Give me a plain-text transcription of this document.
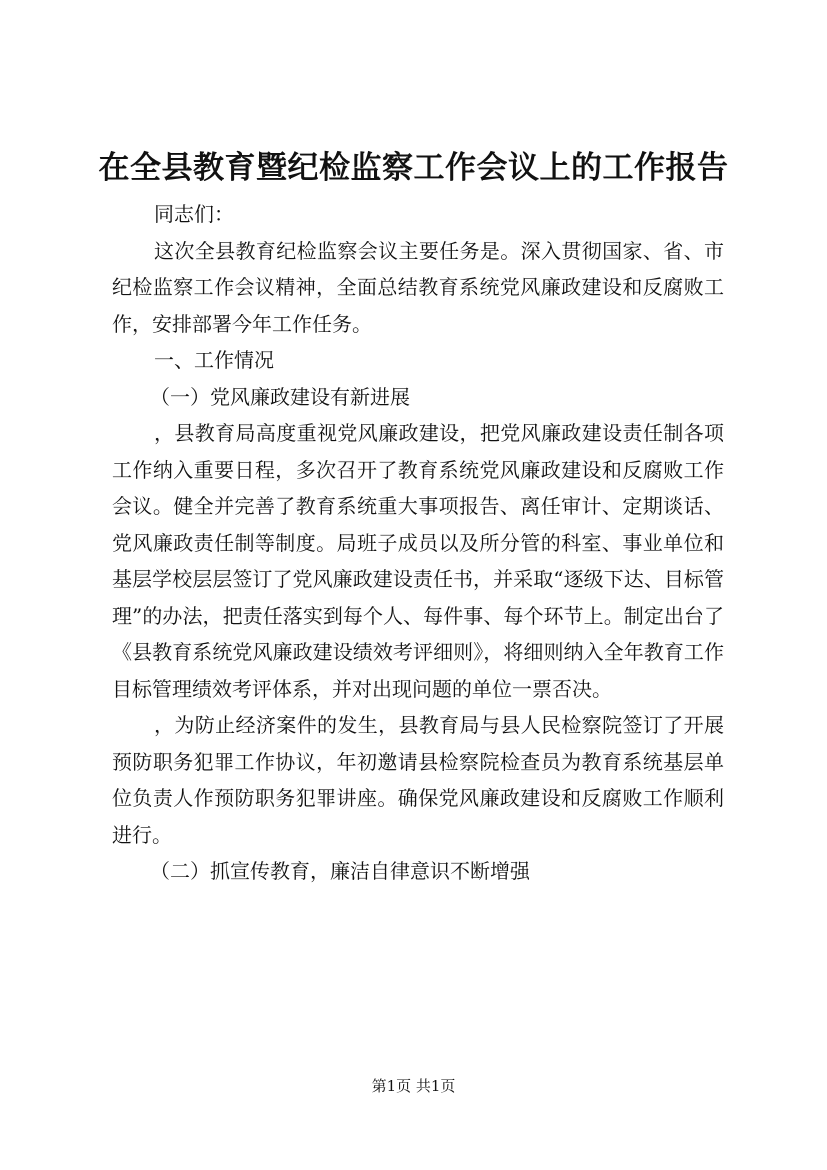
在全县教育暨纪检监察工作会议上的工作报告

同志们：

这次全县教育纪检监察会议主要任务是。深入贯彻国家、省、市纪检监察工作会议精神，全面总结教育系统党风廉政建设和反腐败工作，安排部署今年工作任务。

一、工作情况

（一）党风廉政建设有新进展

，县教育局高度重视党风廉政建设，把党风廉政建设责任制各项工作纳入重要日程，多次召开了教育系统党风廉政建设和反腐败工作会议。健全并完善了教育系统重大事项报告、离任审计、定期谈话、党风廉政责任制等制度。局班子成员以及所分管的科室、事业单位和基层学校层层签订了党风廉政建设责任书，并采取“逐级下达、目标管理”的办法，把责任落实到每个人、每件事、每个环节上。制定出台了《县教育系统党风廉政建设绩效考评细则》，将细则纳入全年教育工作目标管理绩效考评体系，并对出现问题的单位一票否决。

，为防止经济案件的发生，县教育局与县人民检察院签订了开展预防职务犯罪工作协议，年初邀请县检察院检查员为教育系统基层单位负责人作预防职务犯罪讲座。确保党风廉政建设和反腐败工作顺利进行。

（二）抓宣传教育，廉洁自律意识不断增强

第1页 共1页
